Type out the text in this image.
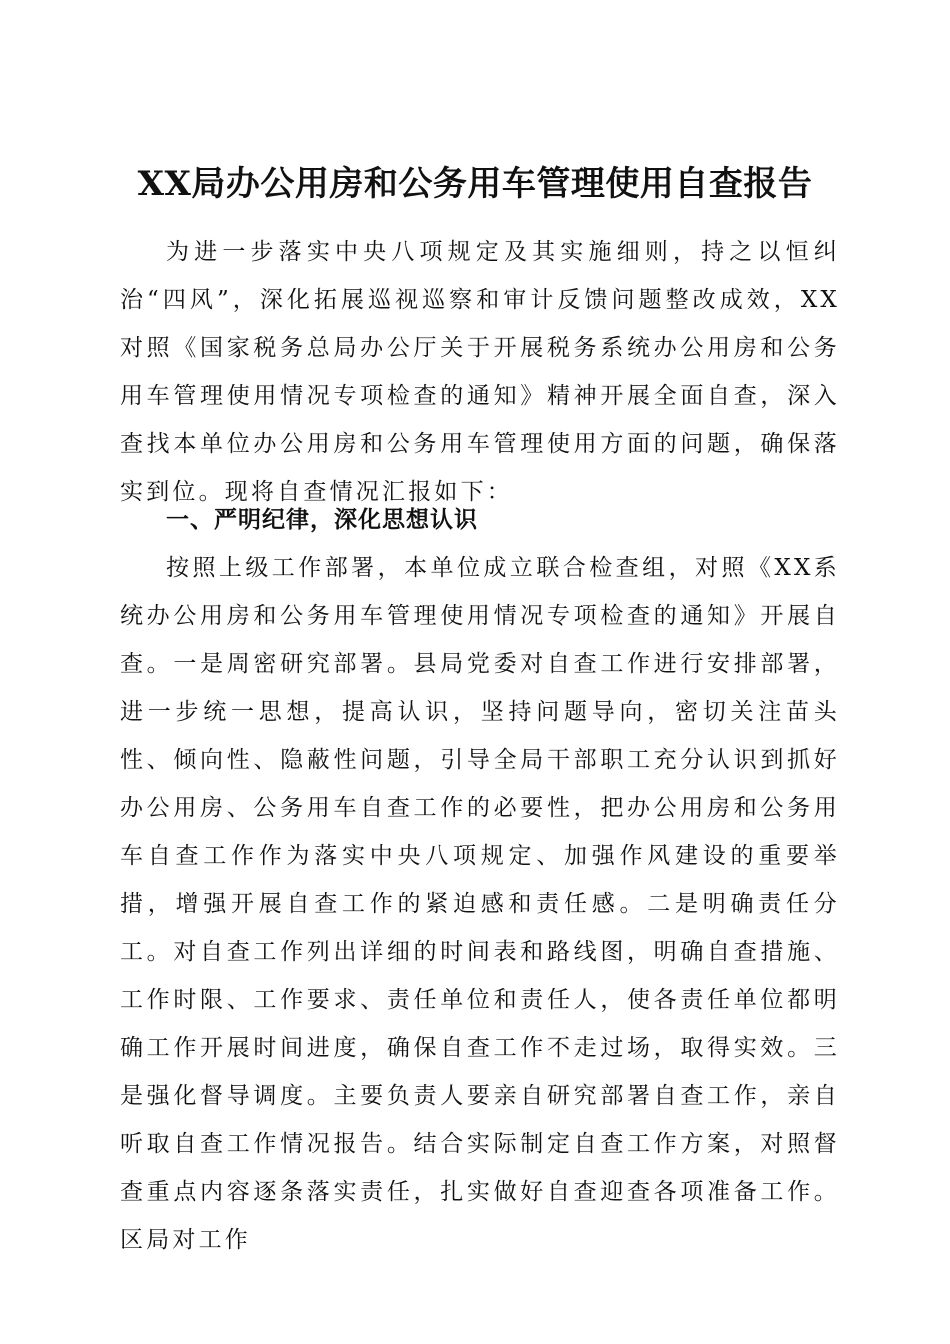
XX局办公用房和公务用车管理使用自查报告

为进一步落实中央八项规定及其实施细则，持之以恒纠治“四风”，深化拓展巡视巡察和审计反馈问题整改成效，XX对照《国家税务总局办公厅关于开展税务系统办公用房和公务用车管理使用情况专项检查的通知》精神开展全面自查，深入查找本单位办公用房和公务用车管理使用方面的问题，确保落实到位。现将自查情况汇报如下：

一、严明纪律，深化思想认识

按照上级工作部署，本单位成立联合检查组，对照《XX系统办公用房和公务用车管理使用情况专项检查的通知》开展自查。一是周密研究部署。县局党委对自查工作进行安排部署，进一步统一思想，提高认识，坚持问题导向，密切关注苗头性、倾向性、隐蔽性问题，引导全局干部职工充分认识到抓好办公用房、公务用车自查工作的必要性，把办公用房和公务用车自查工作作为落实中央八项规定、加强作风建设的重要举措，增强开展自查工作的紧迫感和责任感。二是明确责任分工。对自查工作列出详细的时间表和路线图，明确自查措施、工作时限、工作要求、责任单位和责任人，使各责任单位都明确工作开展时间进度，确保自查工作不走过场，取得实效。三是强化督导调度。主要负责人要亲自研究部署自查工作，亲自听取自查工作情况报告。结合实际制定自查工作方案，对照督查重点内容逐条落实责任，扎实做好自查迎查各项准备工作。区局对工作
